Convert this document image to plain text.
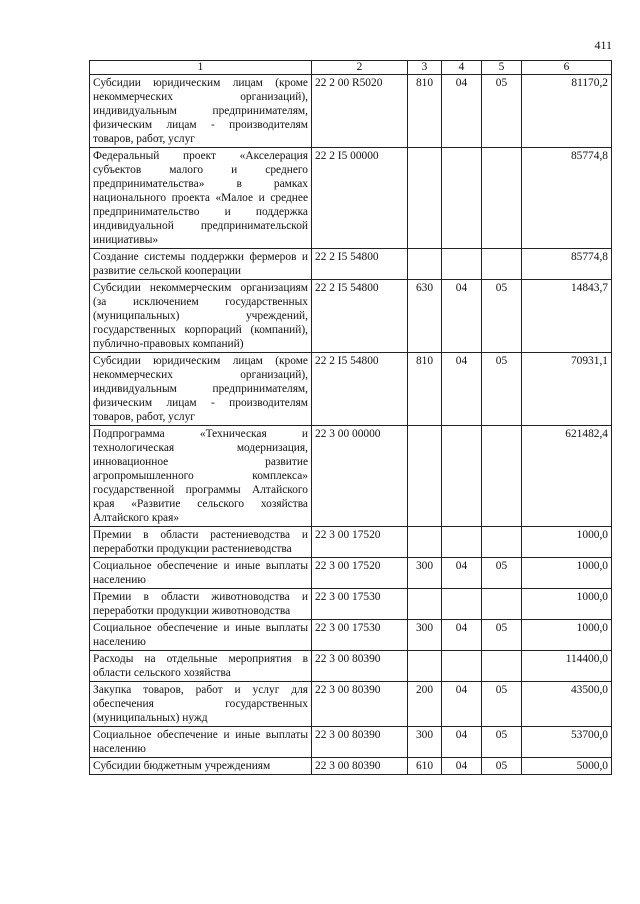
411
1	2	3	4	5	6
Субсидии юридическим лицам (кроме некоммерческих организаций), индивидуальным предпринимателям, физическим лицам - производителям товаров, работ, услуг	22 2 00 R5020	810	04	05	81170,2
Федеральный проект «Акселерация субъектов малого и среднего предпринимательства» в рамках национального проекта «Малое и среднее предпринимательство и поддержка индивидуальной предпринимательской инициативы»	22 2 I5 00000				85774,8
Создание системы поддержки фермеров и развитие сельской кооперации	22 2 I5 54800				85774,8
Субсидии некоммерческим организациям (за исключением государственных (муниципальных) учреждений, государственных корпораций (компаний), публично-правовых компаний)	22 2 I5 54800	630	04	05	14843,7
Субсидии юридическим лицам (кроме некоммерческих организаций), индивидуальным предпринимателям, физическим лицам - производителям товаров, работ, услуг	22 2 I5 54800	810	04	05	70931,1
Подпрограмма «Техническая и технологическая модернизация, инновационное развитие агропромышленного комплекса» государственной программы Алтайского края «Развитие сельского хозяйства Алтайского края»	22 3 00 00000				621482,4
Премии в области растениеводства и переработки продукции растениеводства	22 3 00 17520				1000,0
Социальное обеспечение и иные выплаты населению	22 3 00 17520	300	04	05	1000,0
Премии в области животноводства и переработки продукции животноводства	22 3 00 17530				1000,0
Социальное обеспечение и иные выплаты населению	22 3 00 17530	300	04	05	1000,0
Расходы на отдельные мероприятия в области сельского хозяйства	22 3 00 80390				114400,0
Закупка товаров, работ и услуг для обеспечения государственных (муниципальных) нужд	22 3 00 80390	200	04	05	43500,0
Социальное обеспечение и иные выплаты населению	22 3 00 80390	300	04	05	53700,0
Субсидии бюджетным учреждениям	22 3 00 80390	610	04	05	5000,0
